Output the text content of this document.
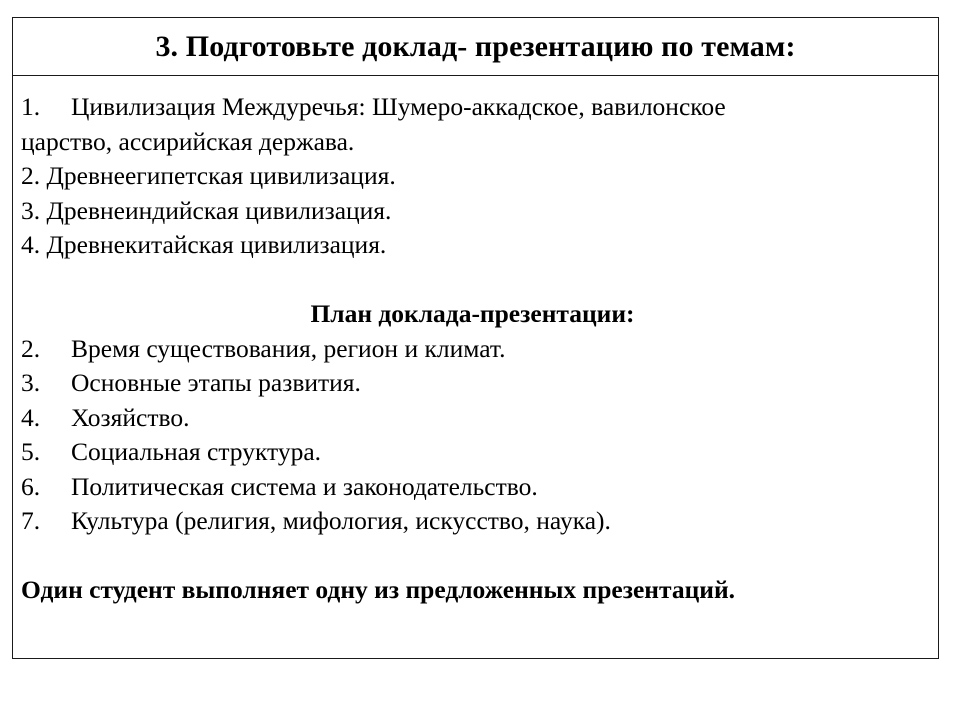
3. Подготовьте доклад- презентацию по темам:
1. Цивилизация Междуречья: Шумеро-аккадское, вавилонское
царство, ассирийская держава.
2. Древнеегипетская цивилизация.
3. Древнеиндийская цивилизация.
4. Древнекитайская цивилизация.
План доклада-презентации:
2. Время существования, регион и климат.
3. Основные этапы развития.
4. Хозяйство.
5. Социальная структура.
6. Политическая система и законодательство.
7. Культура (религия, мифология, искусство, наука).
Один студент выполняет одну из предложенных презентаций.
